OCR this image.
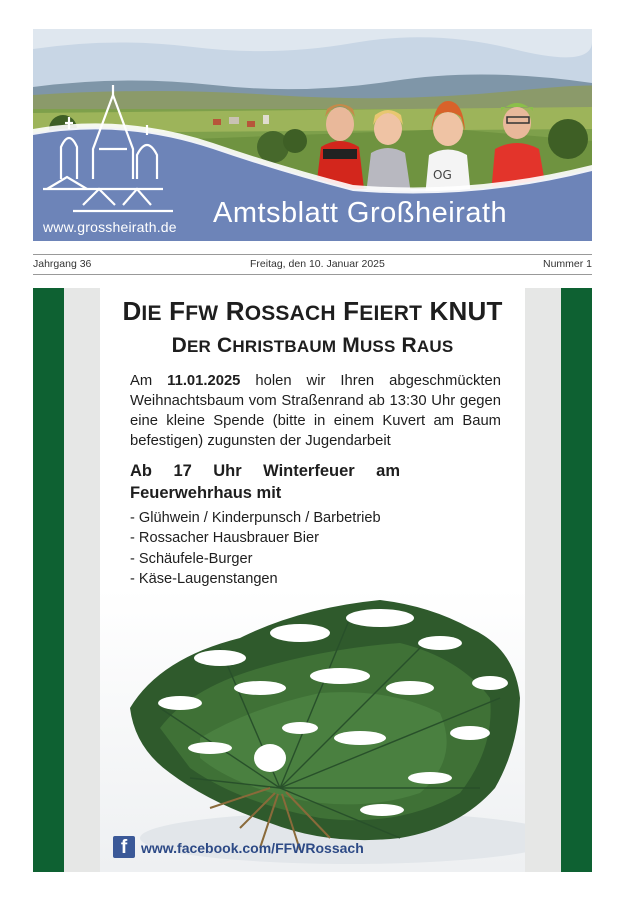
OG
www.grossheirath.de Amtsblatt Großheirath
Jahrgang 36	Freitag, den 10. Januar 2025	Nummer 1
DIE FFW ROSSACH FEIERT KNUT
DER CHRISTBAUM MUSS RAUS
Am 11.01.2025 holen wir Ihren abgeschmückten Weihnachtsbaum vom Straßenrand ab 13:30 Uhr gegen eine kleine Spende (bitte in einem Kuvert am Baum befestigen) zugunsten der Jugendarbeit
Ab 17 Uhr Winterfeuer am
Feuerwehrhaus mit
- Glühwein / Kinderpunsch / Barbetrieb
- Rossacher Hausbrauer Bier
- Schäufele-Burger
- Käse-Laugenstangen
f www.facebook.com/FFWRossach
